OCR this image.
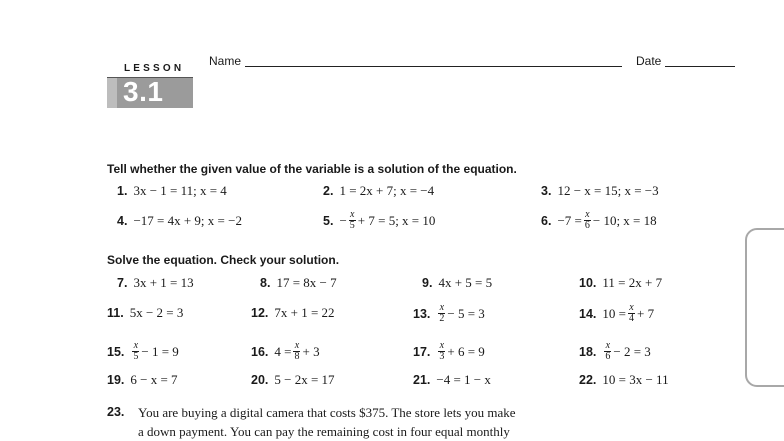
LESSON
3.1
Name	Date
Tell whether the given value of the variable is a solution of the equation.
1. 3 x − 1 = 11; x = 4	2. 1 = 2x + 7; x = −4	3. 12 − x = 15; x = −3
4. −17 = 4x + 9; x = −2	5. − $\frac{x}{5} + 7 = 5$; x = 10	6. $-7 = \frac{x}{6} - 10$; x = 18
Solve the equation. Check your solution.
7. 3x + 1 = 13	8. 17 = 8x − 7	9. 4x + 5 = 5	10. 11 = 2x + 7
11. 5x − 2 = 3	12. 7x + 1 = 22	13. $\frac{x}{2} - 5 = 3$	14. $10 = \frac{x}{4} + 7$
15. $\frac{x}{5} - 1 = 9$	16. $4 = \frac{x}{8} + 3$	17. $\frac{x}{3} + 6 = 9$	18. $\frac{x}{6} - 2 = 3$
19. 6 − x = 7	20. 5 − 2x = 17	21. −4 = 1 − x	22. 10 = 3x − 11
23.	You are buying a digital camera that costs $375. The store lets you make
a down payment. You can pay the remaining cost in four equal monthly
